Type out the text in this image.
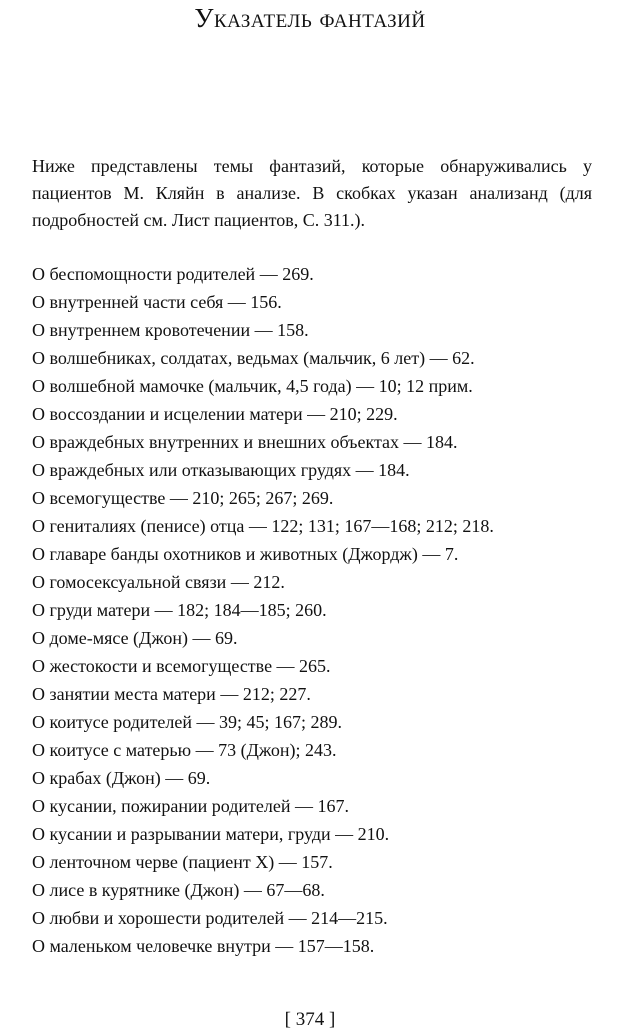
Указатель фантазий

Ниже представлены темы фантазий, которые обнаруживались у пациентов М. Кляйн в анализе. В скобках указан анализанд (для подробностей см. Лист пациентов, С. 311.).

О беспомощности родителей — 269.
О внутренней части себя — 156.
О внутреннем кровотечении — 158.
О волшебниках, солдатах, ведьмах (мальчик, 6 лет) — 62.
О волшебной мамочке (мальчик, 4,5 года) — 10; 12 прим.
О воссоздании и исцелении матери — 210; 229.
О враждебных внутренних и внешних объектах — 184.
О враждебных или отказывающих грудях — 184.
О всемогуществе — 210; 265; 267; 269.
О гениталиях (пенисе) отца — 122; 131; 167—168; 212; 218.
О главаре банды охотников и животных (Джордж) — 7.
О гомосексуальной связи — 212.
О груди матери — 182; 184—185; 260.
О доме-мясе (Джон) — 69.
О жестокости и всемогуществе — 265.
О занятии места матери — 212; 227.
О коитусе родителей — 39; 45; 167; 289.
О коитусе с матерью — 73 (Джон); 243.
О крабах (Джон) — 69.
О кусании, пожирании родителей — 167.
О кусании и разрывании матери, груди — 210.
О ленточном черве (пациент X) — 157.
О лисе в курятнике (Джон) — 67—68.
О любви и хорошести родителей — 214—215.
О маленьком человечке внутри — 157—158.
[ 374 ]
